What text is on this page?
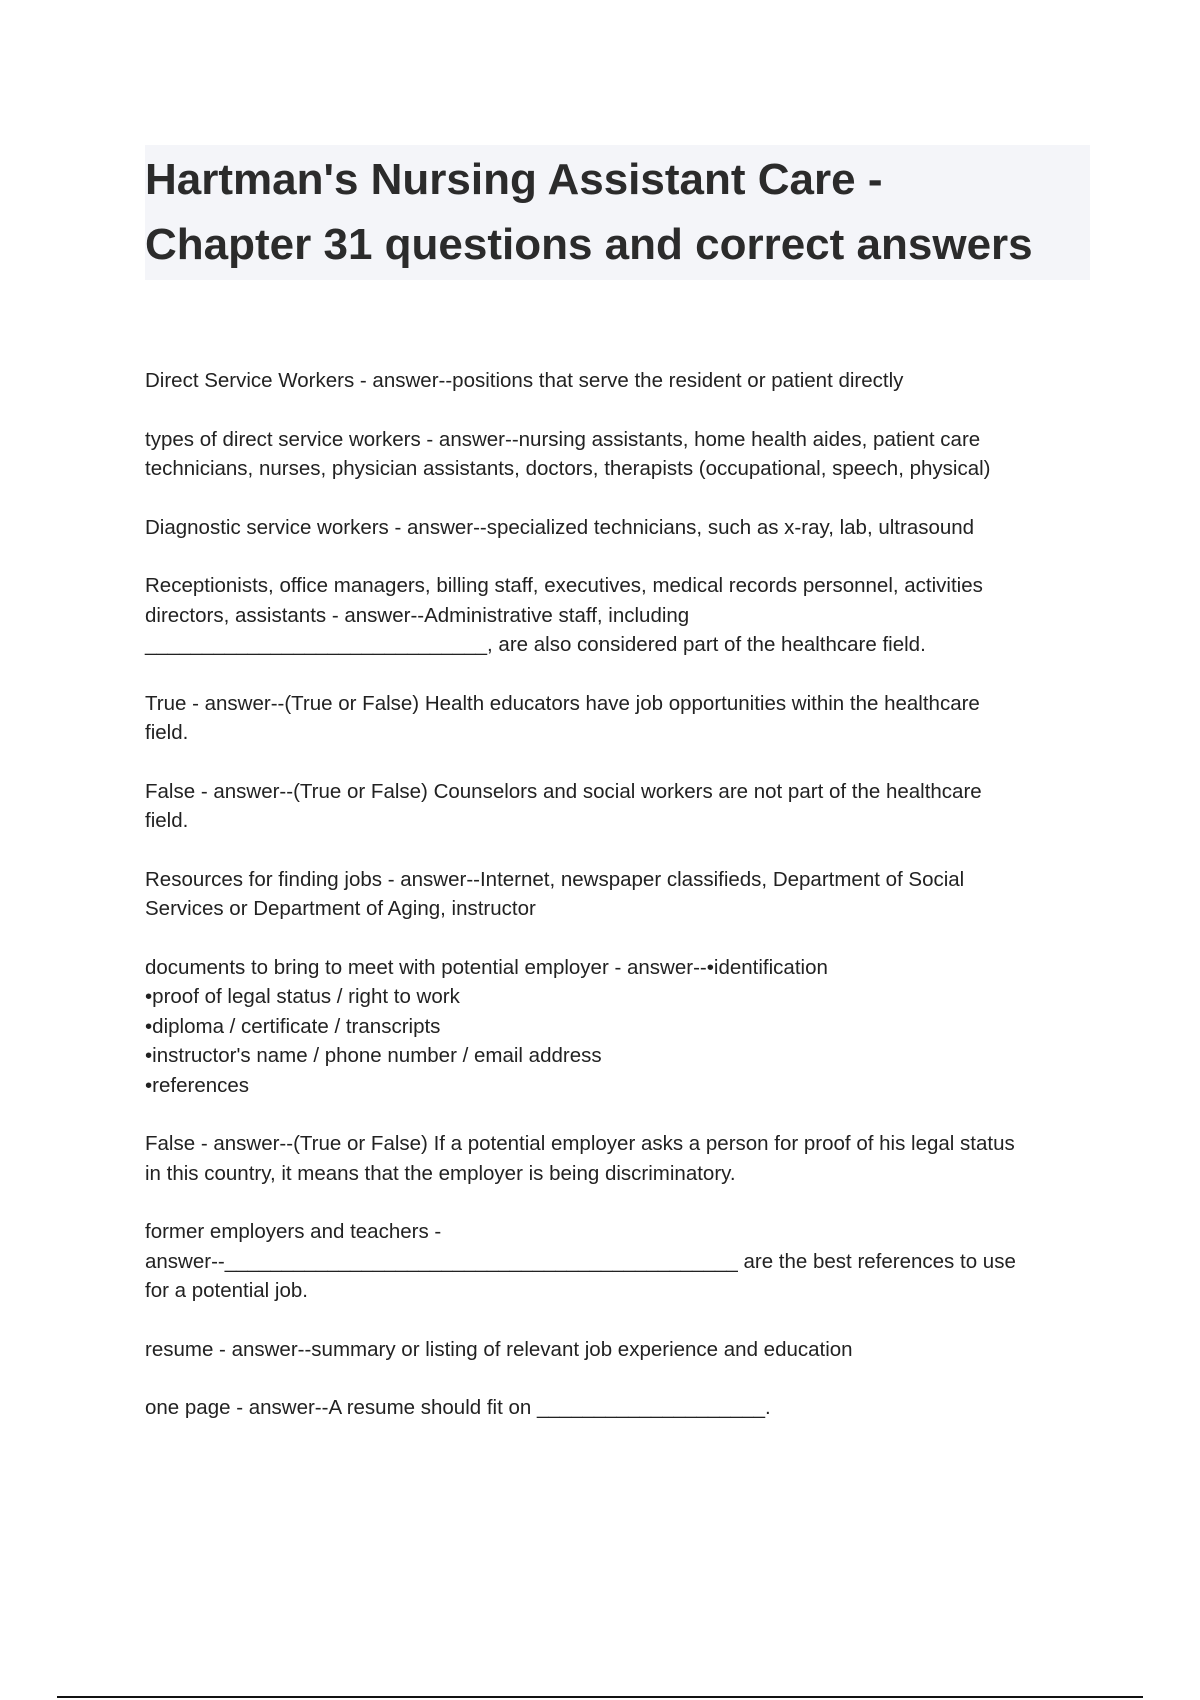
Hartman's Nursing Assistant Care -
Chapter 31 questions and correct answers

Direct Service Workers - answer--positions that serve the resident or patient directly

types of direct service workers - answer--nursing assistants, home health aides, patient care
technicians, nurses, physician assistants, doctors, therapists (occupational, speech, physical)

Diagnostic service workers - answer--specialized technicians, such as x-ray, lab, ultrasound

Receptionists, office managers, billing staff, executives, medical records personnel, activities
directors, assistants - answer--Administrative staff, including
______________________________, are also considered part of the healthcare field.

True - answer--(True or False) Health educators have job opportunities within the healthcare
field.

False - answer--(True or False) Counselors and social workers are not part of the healthcare
field.

Resources for finding jobs - answer--Internet, newspaper classifieds, Department of Social
Services or Department of Aging, instructor

documents to bring to meet with potential employer - answer--•identification
•proof of legal status / right to work
•diploma / certificate / transcripts
•instructor's name / phone number / email address
•references

False - answer--(True or False) If a potential employer asks a person for proof of his legal status
in this country, it means that the employer is being discriminatory.

former employers and teachers -
answer--_____________________________________________ are the best references to use
for a potential job.

resume - answer--summary or listing of relevant job experience and education

one page - answer--A resume should fit on ____________________.
